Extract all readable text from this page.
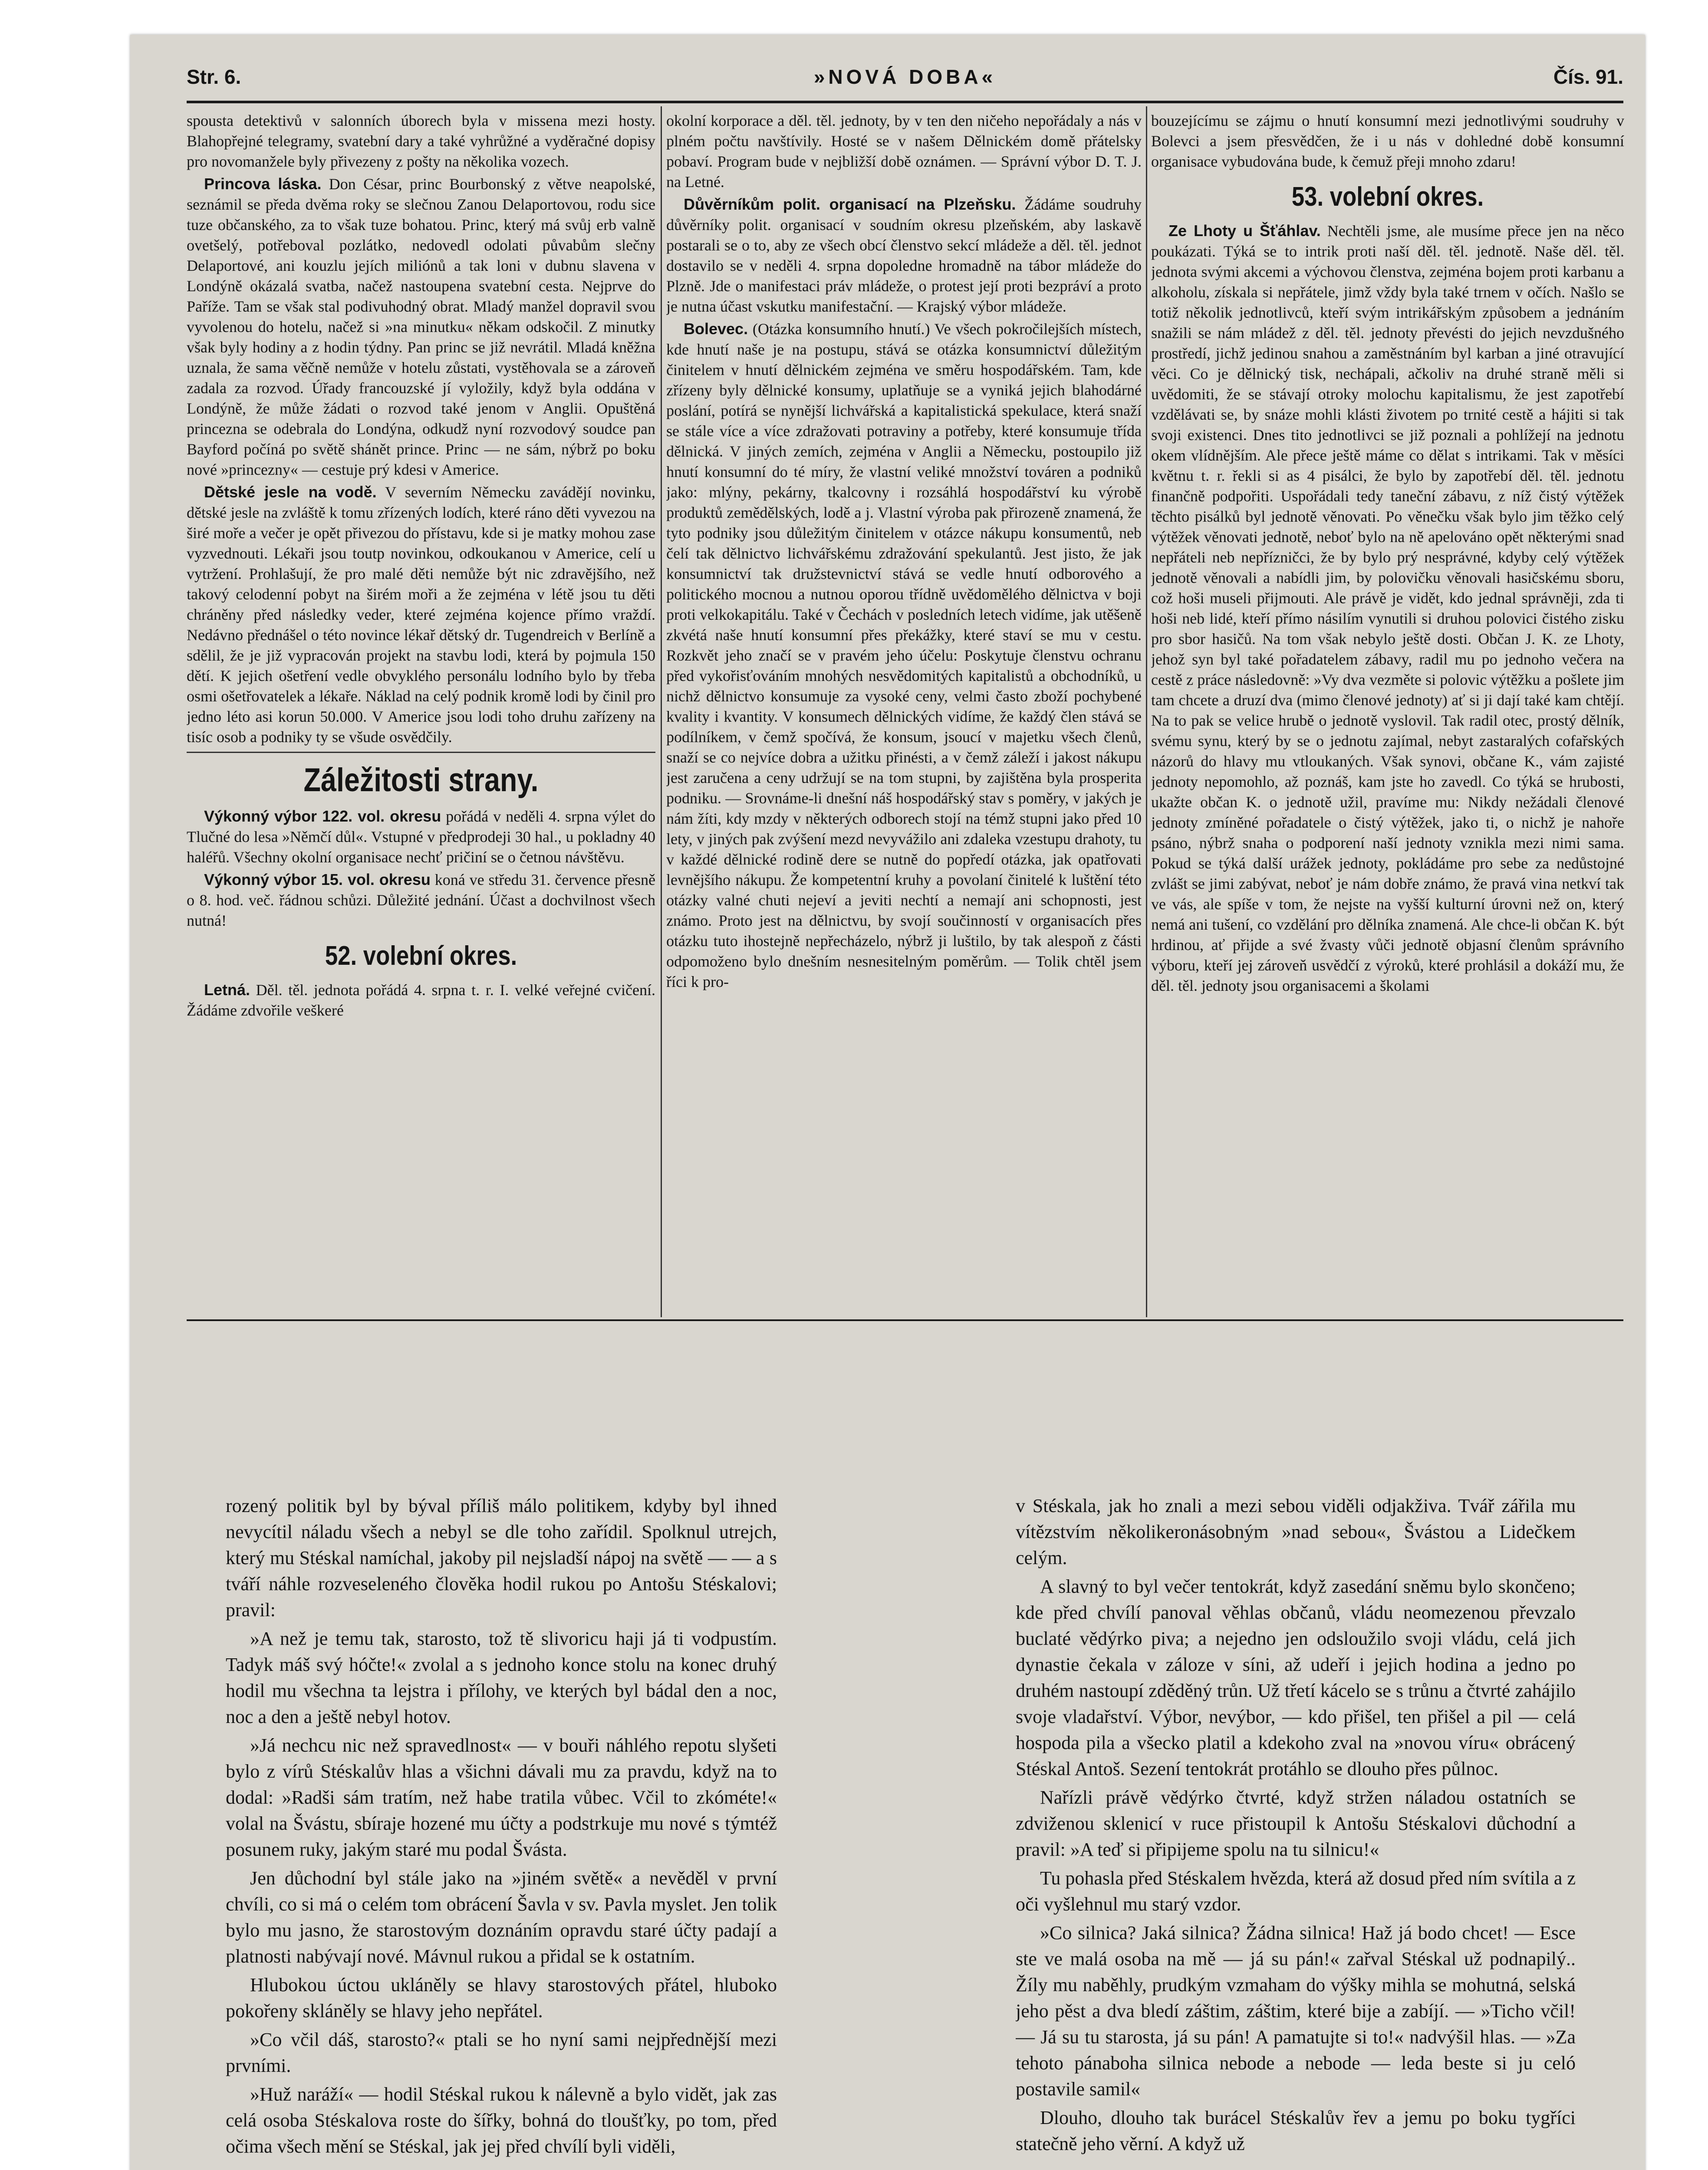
Str. 6.	»NOVÁ DOBA«	Čís. 91.

spousta detektivů v salonních úborech byla v missena mezi hosty. Blahopřejné telegramy, svatební dary a také vyhrůžné a vyděračné dopisy pro novomanžele byly přivezeny z pošty na několika vozech.

Princova láska. Don César, princ Bourbonský z větve neapolské, seznámil se předa dvěma roky se slečnou Zanou Delaportovou, rodu sice tuze občanského, za to však tuze bohatou. Princ, který má svůj erb valně ovetšelý, potřeboval pozlátko, nedovedl odolati půvabům slečny Delaportové, ani kouzlu jejích miliónů a tak loni v dubnu slavena v Londýně okázalá svatba, načež nastoupena svatební cesta. Nejprve do Paříže. Tam se však stal podivuhodný obrat. Mladý manžel dopravil svou vyvolenou do hotelu, načež si »na minutku« někam odskočil. Z minutky však byly hodiny a z hodin týdny. Pan princ se již nevrátil. Mladá kněžna uznala, že sama věčně nemůže v hotelu zůstati, vystěhovala se a zároveň zadala za rozvod. Úřady francouzské jí vyložily, když byla oddána v Londýně, že může žádati o rozvod také jenom v Anglii. Opuštěná princezna se odebrala do Londýna, odkudž nyní rozvodový soudce pan Bayford počíná po světě shánět prince. Princ — ne sám, nýbrž po boku nové »princezny« — cestuje prý kdesi v Americe.

Dětské jesle na vodě. V severním Německu zavádějí novinku, dětské jesle na zvláště k tomu zřízených lodích, které ráno děti vyvezou na širé moře a večer je opět přivezou do přístavu, kde si je matky mohou zase vyzvednouti. Lékaři jsou toutp novinkou, odkoukanou v Americe, celí u vytržení. Prohlašují, že pro malé děti nemůže být nic zdravějšího, než takový celodenní pobyt na širém moři a že zejména v létě jsou tu děti chráněny před následky veder, které zejména kojence přímo vraždí. Nedávno přednášel o této novince lékař dětský dr. Tugendreich v Berlíně a sdělil, že je již vypracován projekt na stavbu lodi, která by pojmula 150 dětí. K jejich ošetření vedle obvyklého personálu lodního bylo by třeba osmi ošetřovatelek a lékaře. Náklad na celý podnik kromě lodi by činil pro jedno léto asi korun 50.000. V Americe jsou lodi toho druhu zařízeny na tisíc osob a podniky ty se všude osvědčily.

Záležitosti strany.

Výkonný výbor 122. vol. okresu pořádá v neděli 4. srpna výlet do Tlučné do lesa »Němčí důl«. Vstupné v předprodeji 30 hal., u pokladny 40 haléřů. Všechny okolní organisace nechť pričiní se o četnou návštěvu.

Výkonný výbor 15. vol. okresu koná ve středu 31. července přesně o 8. hod. več. řádnou schůzi. Důležité jednání. Účast a dochvilnost všech nutná!

52. volební okres.

Letná. Děl. těl. jednota pořádá 4. srpna t. r. I. velké veřejné cvičení. Žádáme zdvořile veškeré

okolní korporace a děl. těl. jednoty, by v ten den ničeho nepořádaly a nás v plném počtu navštívily. Hosté se v našem Dělnickém domě přátelsky pobaví. Program bude v nejbližší době oznámen. — Správní výbor D. T. J. na Letné.

Důvěrníkům polit. organisací na Plzeňsku. Žádáme soudruhy důvěrníky polit. organisací v soudním okresu plzeňském, aby laskavě postarali se o to, aby ze všech obcí členstvo sekcí mládeže a děl. těl. jednot dostavilo se v neděli 4. srpna dopoledne hromadně na tábor mládeže do Plzně. Jde o manifestaci práv mládeže, o protest její proti bezpráví a proto je nutna účast vskutku manifestační. — Krajský výbor mládeže.

Bolevec. (Otázka konsumního hnutí.) Ve všech pokročilejších místech, kde hnutí naše je na postupu, stává se otázka konsumnictví důležitým činitelem v hnutí dělnickém zejména ve směru hospodářském. Tam, kde zřízeny byly dělnické konsumy, uplatňuje se a vyniká jejich blahodárné poslání, potírá se nynější lichvářská a kapitalistická spekulace, která snaží se stále více a více zdražovati potraviny a potřeby, které konsumuje třída dělnická. V jiných zemích, zejména v Anglii a Německu, postoupilo již hnutí konsumní do té míry, že vlastní veliké množství továren a podniků jako: mlýny, pekárny, tkalcovny i rozsáhlá hospodářství ku výrobě produktů zemědělských, lodě a j. Vlastní výroba pak přirozeně znamená, že tyto podniky jsou důležitým činitelem v otázce nákupu konsumentů, neb čelí tak dělnictvo lichvářskému zdražování spekulantů. Jest jisto, že jak konsumnictví tak družstevnictví stává se vedle hnutí odborového a politického mocnou a nutnou oporou třídně uvědomělého dělnictva v boji proti velkokapitálu. Také v Čechách v posledních letech vidíme, jak utěšeně zkvétá naše hnutí konsumní přes překážky, které staví se mu v cestu. Rozkvět jeho značí se v pravém jeho účelu: Poskytuje členstvu ochranu před vykořisťováním mnohých nesvědomitých kapitalistů a obchodníků, u nichž dělnictvo konsumuje za vysoké ceny, velmi často zboží pochybené kvality i kvantity. V konsumech dělnických vidíme, že každý člen stává se podílníkem, v čemž spočívá, že konsum, jsoucí v majetku všech členů, snaží se co nejvíce dobra a užitku přinésti, a v čemž záleží i jakost nákupu jest zaručena a ceny udržují se na tom stupni, by zajištěna byla prosperita podniku. — Srovnáme-li dnešní náš hospodářský stav s poměry, v jakých je nám žíti, kdy mzdy v některých odborech stojí na témž stupni jako před 10 lety, v jiných pak zvýšení mezd nevyvážilo ani zdaleka vzestupu drahoty, tu v každé dělnické rodině dere se nutně do popředí otázka, jak opatřovati levnějšího nákupu. Že kompetentní kruhy a povolaní činitelé k luštění této otázky valné chuti nejeví a jeviti nechtí a nemají ani schopnosti, jest známo. Proto jest na dělnictvu, by svojí součinností v organisacích přes otázku tuto ihostejně nepřecházelo, nýbrž ji luštilo, by tak alespoň z části odpomoženo bylo dnešním nesnesitelným poměrům. — Tolik chtěl jsem říci k pro-

bouzejícímu se zájmu o hnutí konsumní mezi jednotlivými soudruhy v Bolevci a jsem přesvědčen, že i u nás v dohledné době konsumní organisace vybudována bude, k čemuž přeji mnoho zdaru!

53. volební okres.

Ze Lhoty u Šťáhlav. Nechtěli jsme, ale musíme přece jen na něco poukázati. Týká se to intrik proti naší děl. těl. jednotě. Naše děl. těl. jednota svými akcemi a výchovou členstva, zejména bojem proti karbanu a alkoholu, získala si nepřátele, jimž vždy byla také trnem v očích. Našlo se totiž několik jednotlivců, kteří svým intrikářským způsobem a jednáním snažili se nám mládež z děl. těl. jednoty převésti do jejich nevzdušného prostředí, jichž jedinou snahou a zaměstnáním byl karban a jiné otravující věci. Co je dělnický tisk, nechápali, ačkoliv na druhé straně měli si uvědomiti, že se stávají otroky molochu kapitalismu, že jest zapotřebí vzdělávati se, by snáze mohli klásti životem po trnité cestě a hájiti si tak svoji existenci. Dnes tito jednotlivci se již poznali a pohlížejí na jednotu okem vlídnějším. Ale přece ještě máme co dělat s intrikami. Tak v měsíci květnu t. r. řekli si as 4 pisálci, že bylo by zapotřebí děl. těl. jednotu finančně podpořiti. Uspořádali tedy taneční zábavu, z níž čistý výtěžek těchto pisálků byl jednotě věnovati. Po věnečku však bylo jim těžko celý výtěžek věnovati jednotě, neboť bylo na ně apelováno opět některými snad nepřáteli neb nepřízničci, že by bylo prý nesprávné, kdyby celý výtěžek jednotě věnovali a nabídli jim, by polovičku věnovali hasičskému sboru, což hoši museli přijmouti. Ale právě je vidět, kdo jednal správněji, zda ti hoši neb lidé, kteří přímo násilím vynutili si druhou polovici čistého zisku pro sbor hasičů. Na tom však nebylo ještě dosti. Občan J. K. ze Lhoty, jehož syn byl také pořadatelem zábavy, radil mu po jednoho večera na cestě z práce následovně: »Vy dva vezměte si polovic výtěžku a pošlete jim tam chcete a druzí dva (mimo členové jednoty) ať si ji dají také kam chtějí. Na to pak se velice hrubě o jednotě vyslovil. Tak radil otec, prostý dělník, svému synu, který by se o jednotu zajímal, nebyt zastaralých cofařských názorů do hlavy mu vtloukaných. Však synovi, občane K., vám zajisté jednoty nepomohlo, až poznáš, kam jste ho zavedl. Co týká se hrubosti, ukažte občan K. o jednotě užil, pravíme mu: Nikdy nežádali členové jednoty zmíněné pořadatele o čistý výtěžek, jako ti, o nichž je nahoře psáno, nýbrž snaha o podporení naší jednoty vznikla mezi nimi sama. Pokud se týká další urážek jednoty, pokládáme pro sebe za nedůstojné zvlášt se jimi zabývat, neboť je nám dobře známo, že pravá vina netkví tak ve vás, ale spíše v tom, že nejste na vyšší kulturní úrovni než on, který nemá ani tušení, co vzdělání pro dělníka znamená. Ale chce-li občan K. být hrdinou, ať přijde a své žvasty vůči jednotě objasní členům správního výboru, kteří jej zároveň usvědčí z výroků, které prohlásil a dokáží mu, že děl. těl. jednoty jsou organisacemi a školami

rozený politik byl by býval příliš málo politikem, kdyby byl ihned nevycítil náladu všech a nebyl se dle toho zařídil. Spolknul utrejch, který mu Stéskal namíchal, jakoby pil nejsladší nápoj na světě — — a s tváří náhle rozveseleného člověka hodil rukou po Antošu Stéskalovi; pravil:

»A než je temu tak, starosto, tož tě slivoricu haji já ti vodpustím. Tadyk máš svý hóčte!« zvolal a s jednoho konce stolu na konec druhý hodil mu všechna ta lejstra i přílohy, ve kterých byl bádal den a noc, noc a den a ještě nebyl hotov.

»Já nechcu nic než spravedlnost« — v bouři náhlého repotu slyšeti bylo z vírů Stéskalův hlas a všichni dávali mu za pravdu, když na to dodal: »Radši sám tratím, než habe tratila vůbec. Včil to zkóméte!« volal na Švástu, sbíraje hozené mu účty a podstrkuje mu nové s týmtéž posunem ruky, jakým staré mu podal Švásta.

Jen důchodní byl stále jako na »jiném světě« a nevěděl v první chvíli, co si má o celém tom obrácení Šavla v sv. Pavla myslet. Jen tolik bylo mu jasno, že starostovým doznáním opravdu staré účty padají a platnosti nabývají nové. Mávnul rukou a přidal se k ostatním.

Hlubokou úctou ukláněly se hlavy starostových přátel, hluboko pokořeny skláněly se hlavy jeho nepřátel.

»Co včil dáš, starosto?« ptali se ho nyní sami nejpřednější mezi prvními.

»Huž naráží« — hodil Stéskal rukou k nálevně a bylo vidět, jak zas celá osoba Stéskalova roste do šířky, bohná do tloušťky, po tom, před očima všech mění se Stéskal, jak jej před chvílí byli viděli,

v Stéskala, jak ho znali a mezi sebou viděli odjakživa. Tvář zářila mu vítězstvím několikeronásobným »nad sebou«, Švástou a Lidečkem celým.

A slavný to byl večer tentokrát, když zasedání sněmu bylo skončeno; kde před chvílí panoval věhlas občanů, vládu neomezenou převzalo buclaté vědýrko piva; a nejedno jen odsloužilo svoji vládu, celá jich dynastie čekala v záloze v síni, až udeří i jejich hodina a jedno po druhém nastoupí zděděný trůn. Už třetí kácelo se s trůnu a čtvrté zahájilo svoje vladařství. Výbor, nevýbor, — kdo přišel, ten přišel a pil — celá hospoda pila a všecko platil a kdekoho zval na »novou víru« obrácený Stéskal Antoš. Sezení tentokrát protáhlo se dlouho přes půlnoc.

Nařízli právě vědýrko čtvrté, když stržen náladou ostatních se zdviženou sklenicí v ruce přistoupil k Antošu Stéskalovi důchodní a pravil: »A teď si připijeme spolu na tu silnicu!«

Tu pohasla před Stéskalem hvězda, která až dosud před ním svítila a z oči vyšlehnul mu starý vzdor.

»Co silnica? Jaká silnica? Žádna silnica! Haž já bodo chcet! — Esce ste ve malá osoba na mě — já su pán!« zařval Stéskal už podnapilý.. Žíly mu naběhly, prudkým vzmaham do výšky mihla se mohutná, selská jeho pěst a dva bledí záštim, záštim, které bije a zabíjí. — »Ticho včil! — Já su tu starosta, já su pán! A pamatujte si to!« nadvýšil hlas. — »Za tehoto pánaboha silnica nebode a nebode — leda beste si ju celó postavile samil«

Dlouho, dlouho tak burácel Stéskalův řev a jemu po boku tygříci statečně jeho věrní. A když už
